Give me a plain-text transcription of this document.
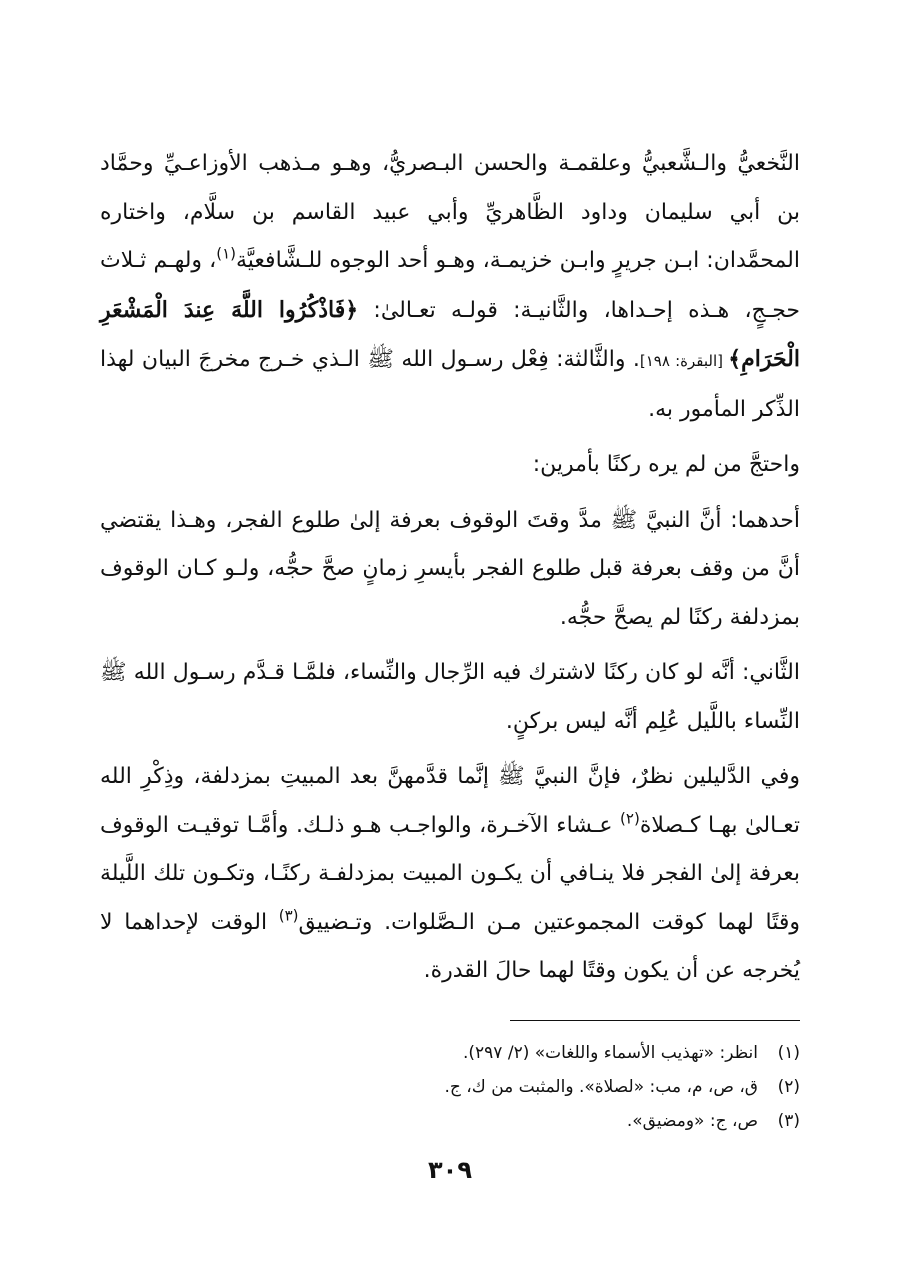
النَّخعيُّ والـشَّعبيُّ وعلقمـة والحسن البـصريُّ، وهـو مـذهب الأوزاعـيِّ وحمَّاد بن أبي سليمان وداود الظَّاهريِّ وأبي عبيد القاسم بن سلَّام، واختاره المحمَّدان: ابـن جريرٍ وابـن خزيمـة، وهـو أحد الوجوه للـشَّافعيَّة$^{(١)}$، ولهـم ثـلاث حجـجٍ، هـذه إحـداها، والثَّانيـة: قولـه تعـالىٰ: ﴿فَاذْكُرُوا اللَّهَ عِندَ الْمَشْعَرِ الْحَرَامِ﴾ [البقرة: ١٩٨]. والثَّالثة: فِعْل رسـول الله ﷺ الـذي خـرج مخرجَ البيان لهذا الذِّكر المأمور به.

واحتجَّ من لم يره ركنًا بأمرين:

أحدهما: أنَّ النبيَّ ﷺ مدَّ وقتَ الوقوف بعرفة إلىٰ طلوع الفجر، وهـذا يقتضي أنَّ من وقف بعرفة قبل طلوع الفجر بأيسرِ زمانٍ صحَّ حجُّه، ولـو كـان الوقوف بمزدلفة ركنًا لم يصحَّ حجُّه.

الثَّاني: أنَّه لو كان ركنًا لاشترك فيه الرِّجال والنِّساء، فلمَّـا قـدَّم رسـول الله ﷺ النِّساء باللَّيل عُلِم أنَّه ليس بركنٍ.

وفي الدَّليلين نظرٌ، فإنَّ النبيَّ ﷺ إنَّما قدَّمهنَّ بعد المبيتِ بمزدلفة، وذِكْرِ الله تعـالىٰ بهـا كـصلاة$^{(٢)}$ عـشاء الآخـرة، والواجـب هـو ذلـك. وأمَّـا توقيـت الوقوف بعرفة إلىٰ الفجر فلا ينـافي أن يكـون المبيت بمزدلفـة ركنًـا، وتكـون تلك اللَّيلة وقتًا لهما كوقت المجموعتين مـن الـصَّلوات. وتـضييق$^{(٣)}$ الوقت لإحداهما لا يُخرجه عن أن يكون وقتًا لهما حالَ القدرة.

(١)
انظر: «تهذيب الأسماء واللغات» (٢/ ٢٩٧).
(٢)
ق، ص، م، مب: «لصلاة». والمثبت من ك، ج.
(٣)
ص، ج: «ومضيق».
٣٠٩
